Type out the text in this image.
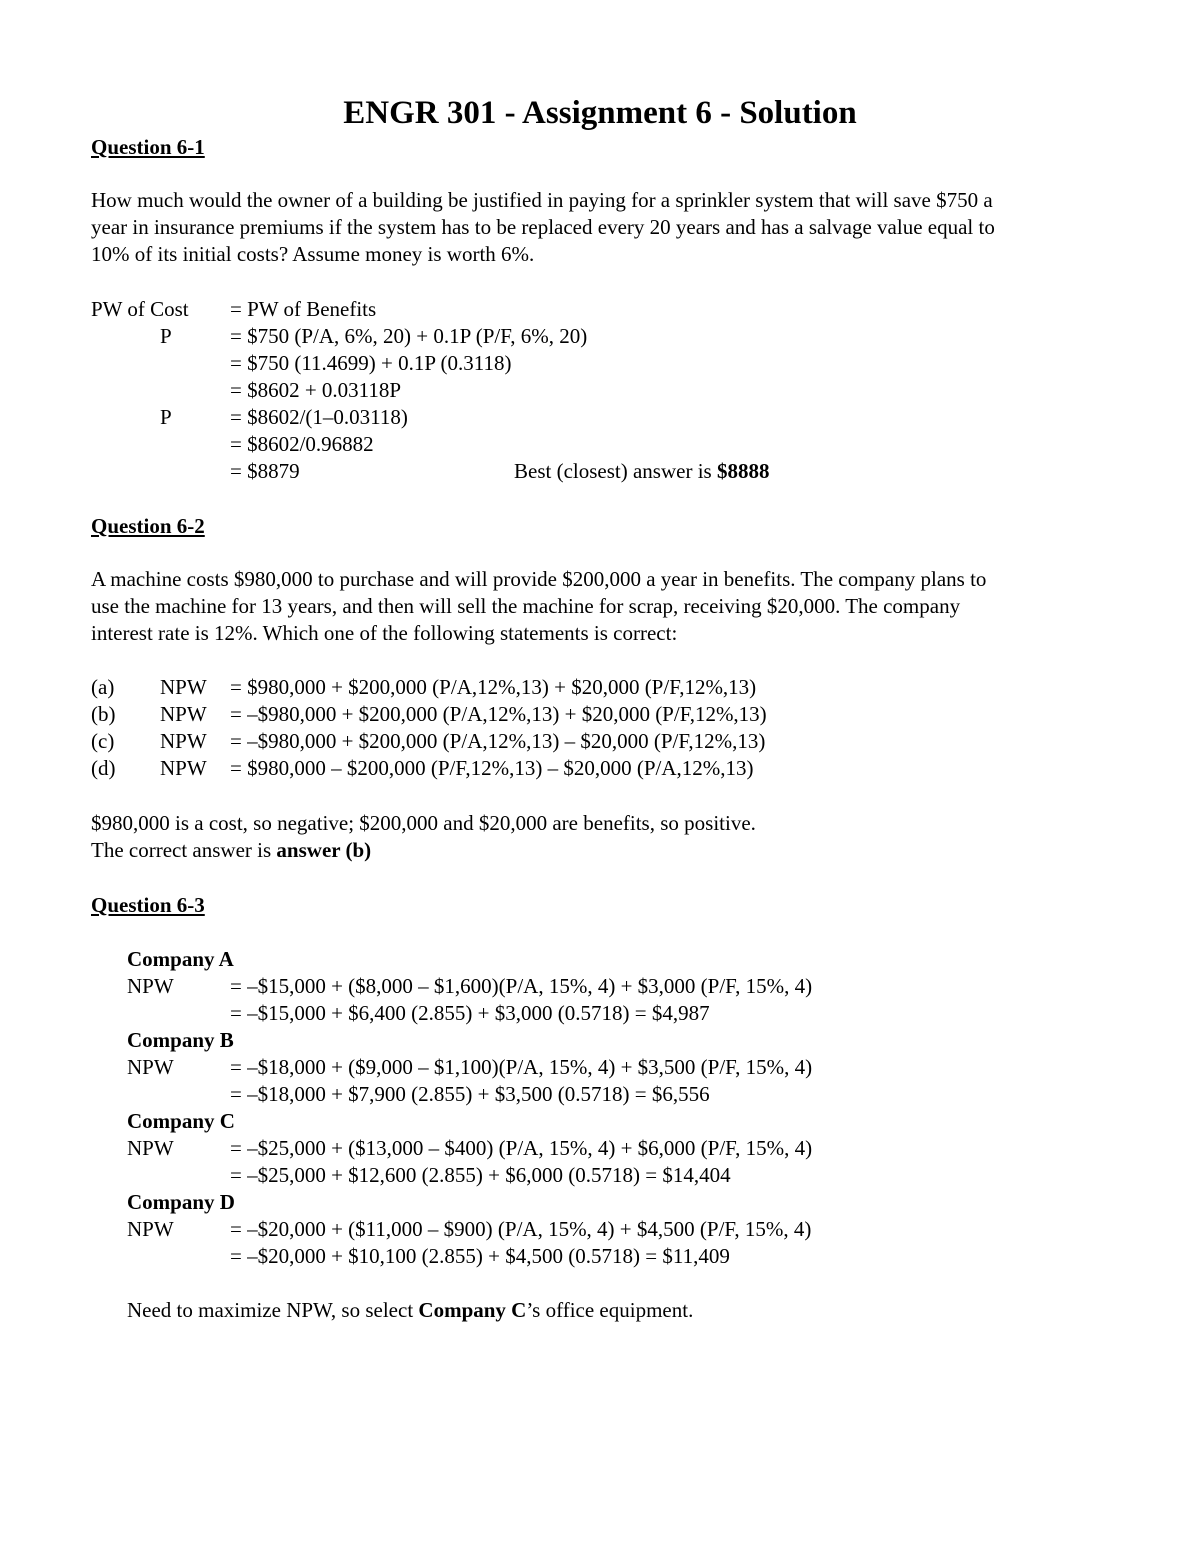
ENGR 301 - Assignment 6 - Solution
Question 6-1
How much would the owner of a building be justified in paying for a sprinkler system that will save $750 a
year in insurance premiums if the system has to be replaced every 20 years and has a salvage value equal to
10% of its initial costs? Assume money is worth 6%.
PW of Cost = PW of Benefits
P	= $750 (P/A, 6%, 20) + 0.1P (P/F, 6%, 20)
= $750 (11.4699) + 0.1P (0.3118)
= $8602 + 0.03118P
P	= $8602/(1–0.03118)
= $8602/0.96882
= $8879	Best (closest) answer is $8888
Question 6-2
A machine costs $980,000 to purchase and will provide $200,000 a year in benefits. The company plans to
use the machine for 13 years, and then will sell the machine for scrap, receiving $20,000. The company
interest rate is 12%. Which one of the following statements is correct:
(a) NPW = $980,000 + $200,000 (P/A,12%,13) + $20,000 (P/F,12%,13)
(b) NPW = –$980,000 + $200,000 (P/A,12%,13) + $20,000 (P/F,12%,13)
(c) NPW = –$980,000 + $200,000 (P/A,12%,13) – $20,000 (P/F,12%,13)
(d) NPW = $980,000 – $200,000 (P/F,12%,13) – $20,000 (P/A,12%,13)
$980,000 is a cost, so negative; $200,000 and $20,000 are benefits, so positive.
The correct answer is answer (b)
Question 6-3
Company A
NPW	= –$15,000 + ($8,000 – $1,600)(P/A, 15%, 4) + $3,000 (P/F, 15%, 4)
= –$15,000 + $6,400 (2.855) + $3,000 (0.5718) = $4,987
Company B
NPW	= –$18,000 + ($9,000 – $1,100)(P/A, 15%, 4) + $3,500 (P/F, 15%, 4)
= –$18,000 + $7,900 (2.855) + $3,500 (0.5718) = $6,556
Company C
NPW	= –$25,000 + ($13,000 – $400) (P/A, 15%, 4) + $6,000 (P/F, 15%, 4)
= –$25,000 + $12,600 (2.855) + $6,000 (0.5718) = $14,404
Company D
NPW	= –$20,000 + ($11,000 – $900) (P/A, 15%, 4) + $4,500 (P/F, 15%, 4)
= –$20,000 + $10,100 (2.855) + $4,500 (0.5718) = $11,409
Need to maximize NPW, so select Company C’s office equipment.
